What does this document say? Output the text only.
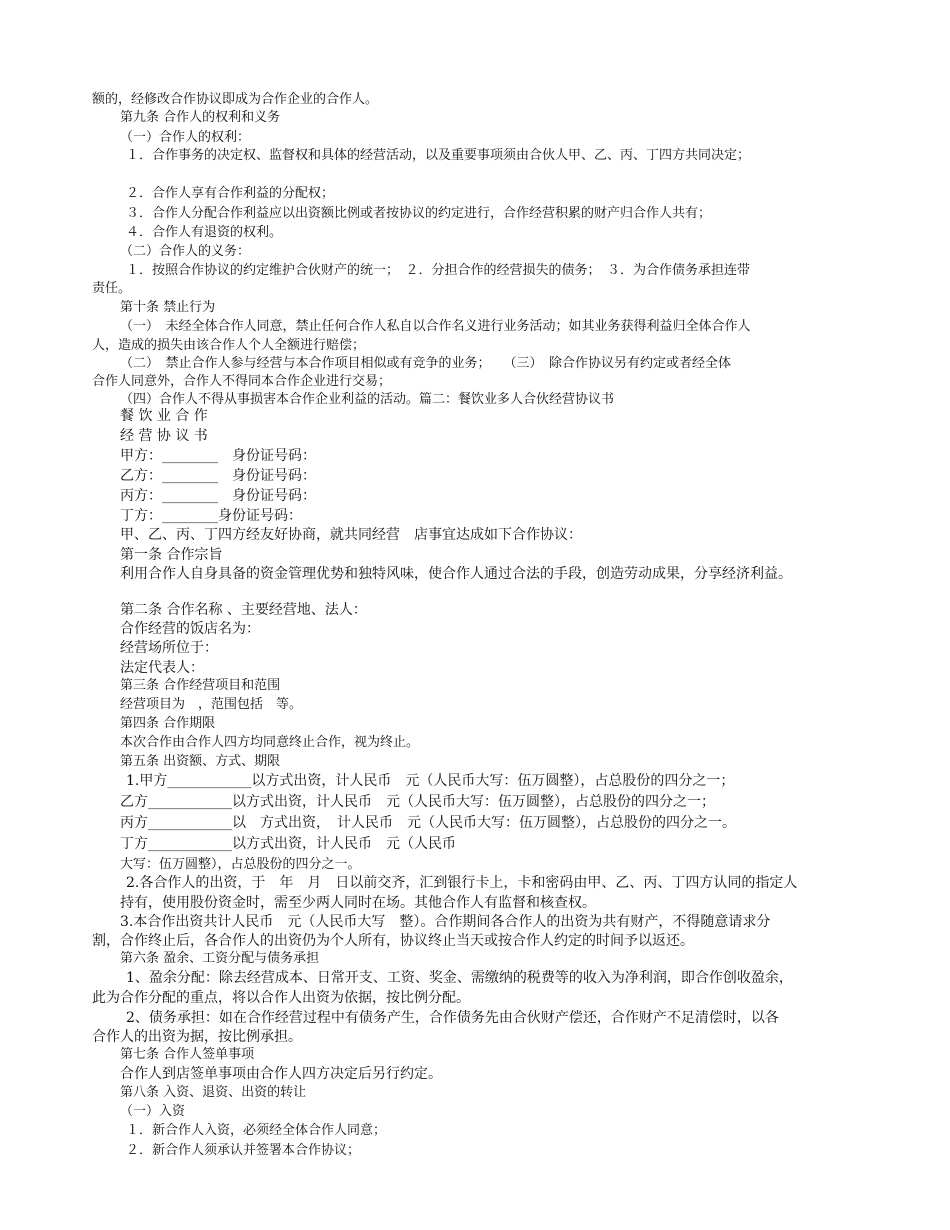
额的，经修改合作协议即成为合作企业的合作人。
第九条 合作人的权利和义务
（一）合作人的权利：
１．合作事务的决定权、监督权和具体的经营活动，以及重要事项须由合伙人甲、乙、丙、丁四方共同决定；
２．合作人享有合作利益的分配权；
３．合作人分配合作利益应以出资额比例或者按协议的约定进行，合作经营积累的财产归合作人共有；
４．合作人有退资的权利。
（二）合作人的义务：
１．按照合作协议的约定维护合伙财产的统一；　２．分担合作的经营损失的债务；　３．为合作债务承担连带
责任。
第十条 禁止行为
（一）　未经全体合作人同意，禁止任何合作人私自以合作名义进行业务活动；如其业务获得利益归全体合作人
人，造成的损失由该合作人个人全额进行赔偿；
（二）　禁止合作人参与经营与本合作项目相似或有竞争的业务；　　（三）　除合作协议另有约定或者经全体
合作人同意外，合作人不得同本合作企业进行交易；
（四）合作人不得从事损害本合作企业利益的活动。篇二：餐饮业多人合伙经营协议书
餐 饮 业 合 作
经 营 协 议 书
甲方：________　身份证号码：
乙方：________　身份证号码：
丙方：________　身份证号码：
丁方：________身份证号码：
甲、乙、丙、丁四方经友好协商，就共同经营　店事宜达成如下合作协议：
第一条 合作宗旨
利用合作人自身具备的资金管理优势和独特风味，使合作人通过合法的手段，创造劳动成果，分享经济利益。
第二条 合作名称 、主要经营地、法人：
合作经营的饭店名为：
经营场所位于：
法定代表人：
第三条 合作经营项目和范围
经营项目为　，范围包括　等。
第四条 合作期限
本次合作由合作人四方均同意终止合作，视为终止。
第五条 出资额、方式、期限
1.甲方____________以方式出资，计人民币　元（人民币大写：伍万圆整），占总股份的四分之一；
乙方____________以方式出资，计人民币　元（人民币大写：伍万圆整），占总股份的四分之一；
丙方____________以　方式出资，　计人民币　元（人民币大写：伍万圆整），占总股份的四分之一。
丁方____________以方式出资，计人民币　元（人民币
大写：伍万圆整），占总股份的四分之一。
2.各合作人的出资，于　年　月　日以前交齐，汇到银行卡上，卡和密码由甲、乙、丙、丁四方认同的指定人
持有，使用股份资金时，需至少两人同时在场。其他合作人有监督和核查权。
3.本合作出资共计人民币　元（人民币大写　整）。合作期间各合作人的出资为共有财产，不得随意请求分
割，合作终止后，各合作人的出资仍为个人所有，协议终止当天或按合作人约定的时间予以返还。
第六条 盈余、工资分配与债务承担
1、盈余分配：除去经营成本、日常开支、工资、奖金、需缴纳的税费等的收入为净利润，即合作创收盈余，
此为合作分配的重点，将以合作人出资为依据，按比例分配。
2、债务承担：如在合作经营过程中有债务产生，合作债务先由合伙财产偿还，合作财产不足清偿时，以各
合作人的出资为据，按比例承担。
第七条 合作人签单事项
合作人到店签单事项由合作人四方决定后另行约定。
第八条 入资、退资、出资的转让
（一）入资
１．新合作人入资，必须经全体合作人同意；
２．新合作人须承认并签署本合作协议；
